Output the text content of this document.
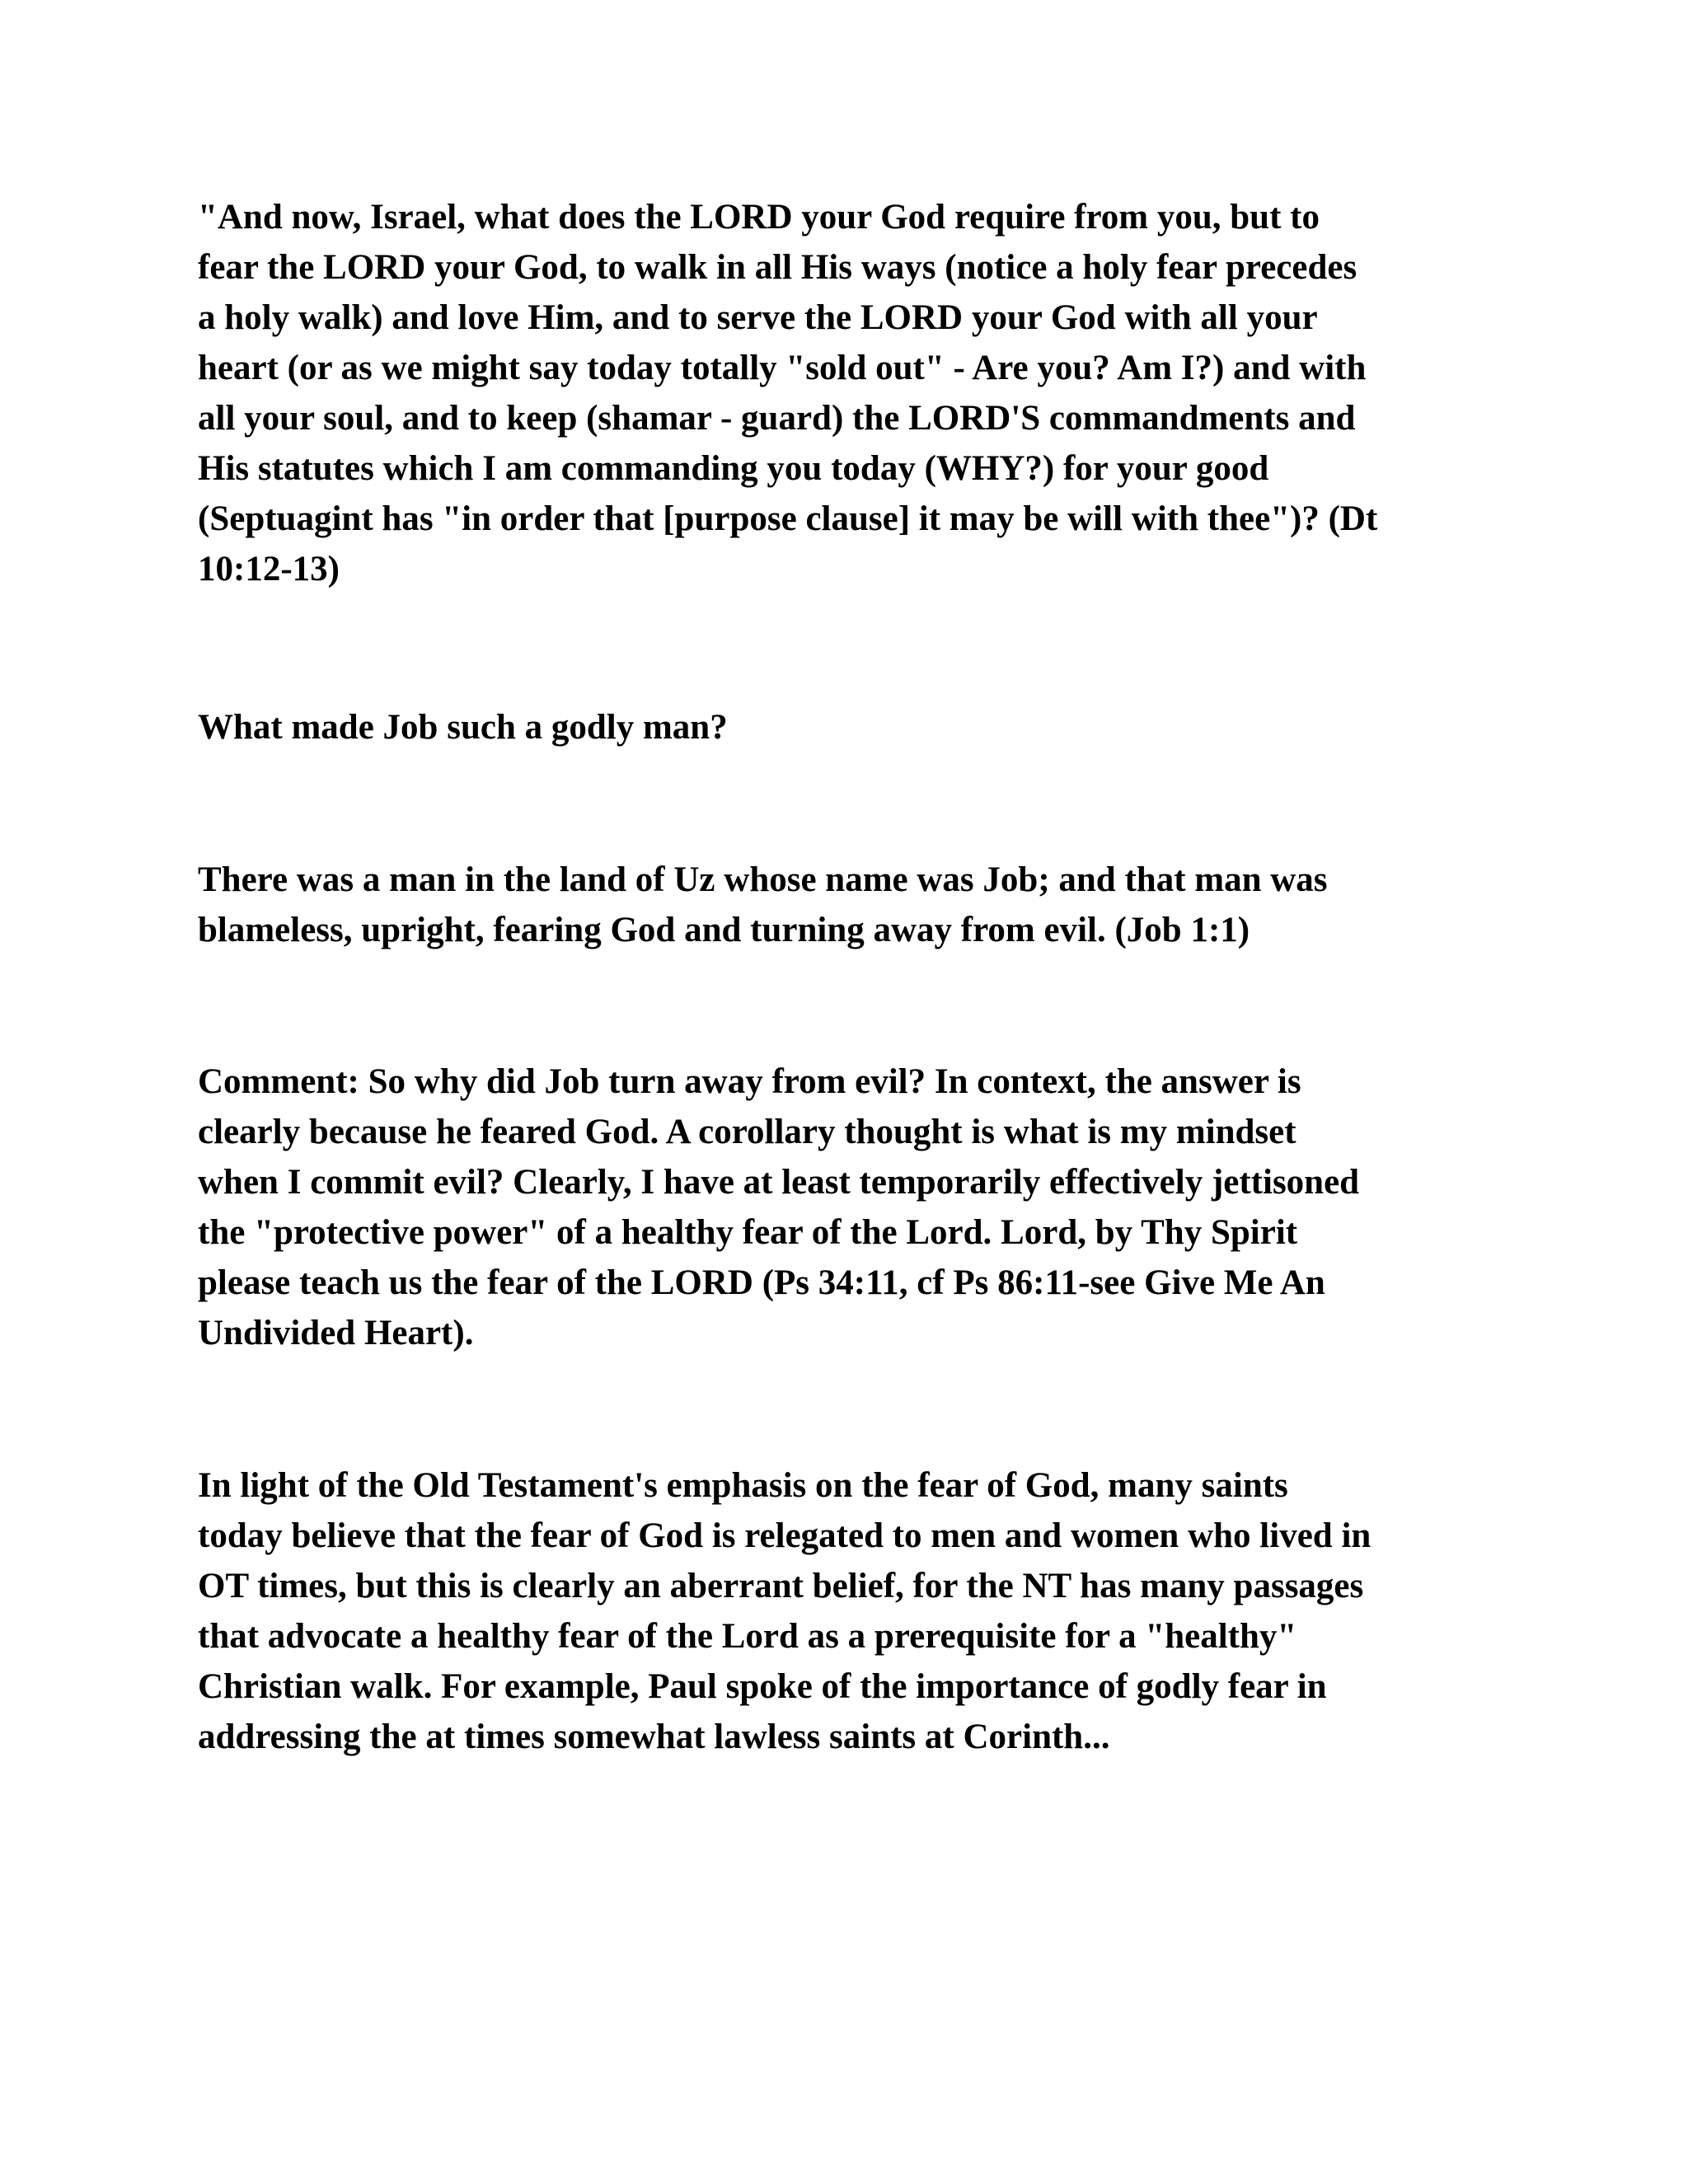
"And now, Israel, what does the LORD your God require from you, but to
fear the LORD your God, to walk in all His ways (notice a holy fear precedes
a holy walk) and love Him, and to serve the LORD your God with all your
heart (or as we might say today totally "sold out" - Are you? Am I?) and with
all your soul, and to keep (shamar - guard) the LORD'S commandments and
His statutes which I am commanding you today (WHY?) for your good
(Septuagint has "in order that [purpose clause] it may be will with thee")? (Dt
10:12-13)

What made Job such a godly man?

There was a man in the land of Uz whose name was Job; and that man was
blameless, upright, fearing God and turning away from evil. (Job 1:1)

Comment: So why did Job turn away from evil? In context, the answer is
clearly because he feared God. A corollary thought is what is my mindset
when I commit evil? Clearly, I have at least temporarily effectively jettisoned
the "protective power" of a healthy fear of the Lord. Lord, by Thy Spirit
please teach us the fear of the LORD (Ps 34:11, cf Ps 86:11-see Give Me An
Undivided Heart).

In light of the Old Testament's emphasis on the fear of God, many saints
today believe that the fear of God is relegated to men and women who lived in
OT times, but this is clearly an aberrant belief, for the NT has many passages
that advocate a healthy fear of the Lord as a prerequisite for a "healthy"
Christian walk. For example, Paul spoke of the importance of godly fear in
addressing the at times somewhat lawless saints at Corinth...
